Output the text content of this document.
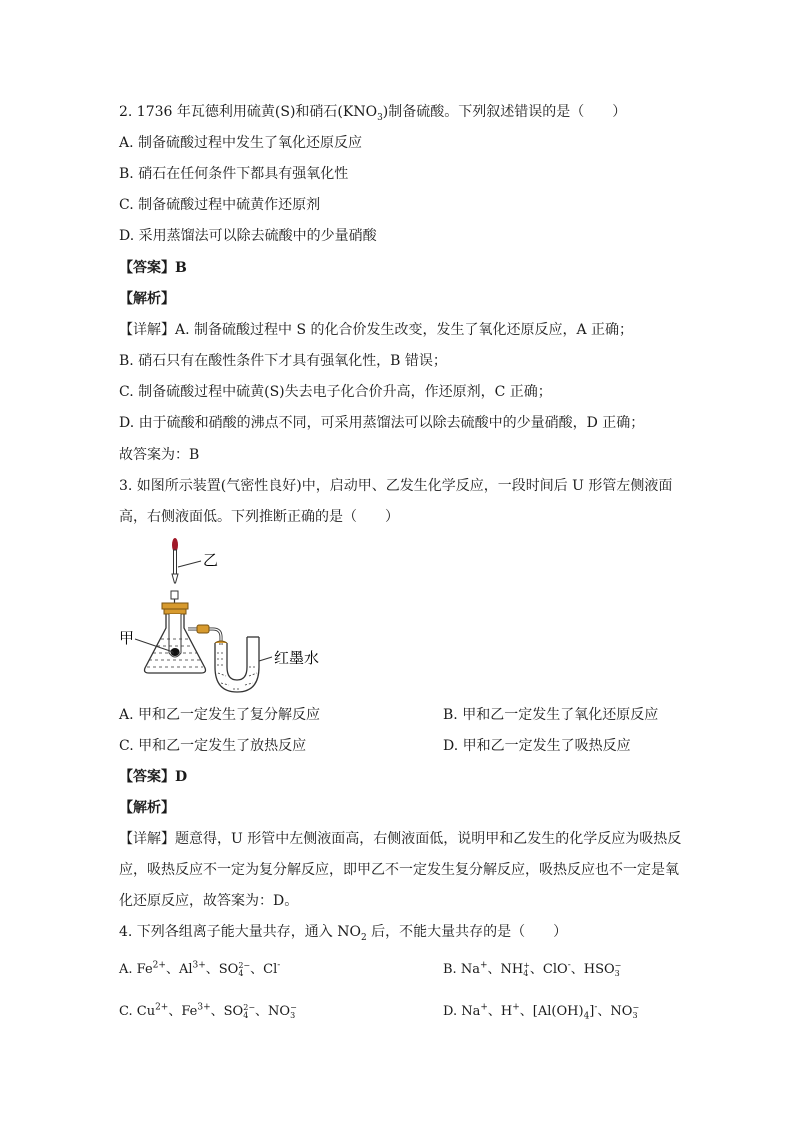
2. 1736 年瓦德利用硫黄(S)和硝石$(KNO_3)$制备硫酸。下列叙述错误的是（　　）
A. 制备硫酸过程中发生了氧化还原反应
B. 硝石在任何条件下都具有强氧化性
C. 制备硫酸过程中硫黄作还原剂
D. 采用蒸馏法可以除去硫酸中的少量硝酸
【答案】B
【解析】
【详解】A. 制备硫酸过程中 S 的化合价发生改变，发生了氧化还原反应，A 正确；
B. 硝石只有在酸性条件下才具有强氧化性，B 错误；
C. 制备硫酸过程中硫黄(S)失去电子化合价升高，作还原剂，C 正确；
D. 由于硫酸和硝酸的沸点不同，可采用蒸馏法可以除去硫酸中的少量硝酸，D 正确；
故答案为：B
3. 如图所示装置(气密性良好)中，启动甲、乙发生化学反应，一段时间后 U 形管左侧液面
高，右侧液面低。下列推断正确的是（　　）
乙
甲
红墨水
A. 甲和乙一定发生了复分解反应	B. 甲和乙一定发生了氧化还原反应
C. 甲和乙一定发生了放热反应	D. 甲和乙一定发生了吸热反应
【答案】D
【解析】
【详解】题意得，U 形管中左侧液面高，右侧液面低，说明甲和乙发生的化学反应为吸热反
应，吸热反应不一定为复分解反应，即甲乙不一定发生复分解反应，吸热反应也不一定是氧
化还原反应，故答案为：D。
4. 下列各组离子能大量共存，通入 $NO_2$ 后，不能大量共存的是（　　）
A. $Fe^{2+}$、$Al^{3+}$、SO 2−
4 、Cl-	B. Na+、NH +
4 、ClO-、HSO −
3
C. $Cu^{2+}$、$Fe^{3+}$、SO 2−
4 、NO −
3	D. Na+、H+、$[Al(OH)_4]^-$、NO −
3
